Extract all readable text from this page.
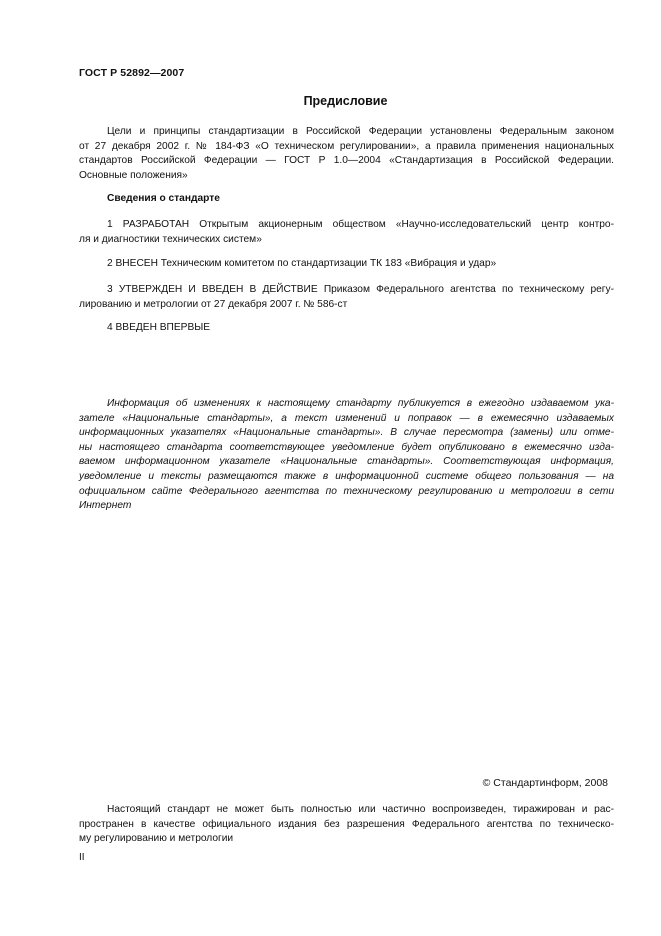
ГОСТ Р 52892—2007
Предисловие
Цели и принципы стандартизации в Российской Федерации установлены Федеральным законом
от 27 декабря 2002 г. № 184-ФЗ «О техническом регулировании», а правила применения национальных
стандартов Российской Федерации — ГОСТ Р 1.0—2004 «Стандартизация в Российской Федерации.
Основные положения»
Сведения о стандарте
1 РАЗРАБОТАН Открытым акционерным обществом «Научно-исследовательский центр контро-
ля и диагностики технических систем»
2 ВНЕСЕН Техническим комитетом по стандартизации ТК 183 «Вибрация и удар»
3 УТВЕРЖДЕН И ВВЕДЕН В ДЕЙСТВИЕ Приказом Федерального агентства по техническому регу-
лированию и метрологии от 27 декабря 2007 г. № 586-ст
4 ВВЕДЕН ВПЕРВЫЕ
Информация об изменениях к настоящему стандарту публикуется в ежегодно издаваемом ука-
зателе «Национальные стандарты», а текст изменений и поправок — в ежемесячно издаваемых
информационных указателях «Национальные стандарты». В случае пересмотра (замены) или отме-
ны настоящего стандарта соответствующее уведомление будет опубликовано в ежемесячно изда-
ваемом информационном указателе «Национальные стандарты». Соответствующая информация,
уведомление и тексты размещаются также в информационной системе общего пользования — на
официальном сайте Федерального агентства по техническому регулированию и метрологии в сети
Интернет
© Стандартинформ, 2008
Настоящий стандарт не может быть полностью или частично воспроизведен, тиражирован и рас-
пространен в качестве официального издания без разрешения Федерального агентства по техническо-
му регулированию и метрологии
II
